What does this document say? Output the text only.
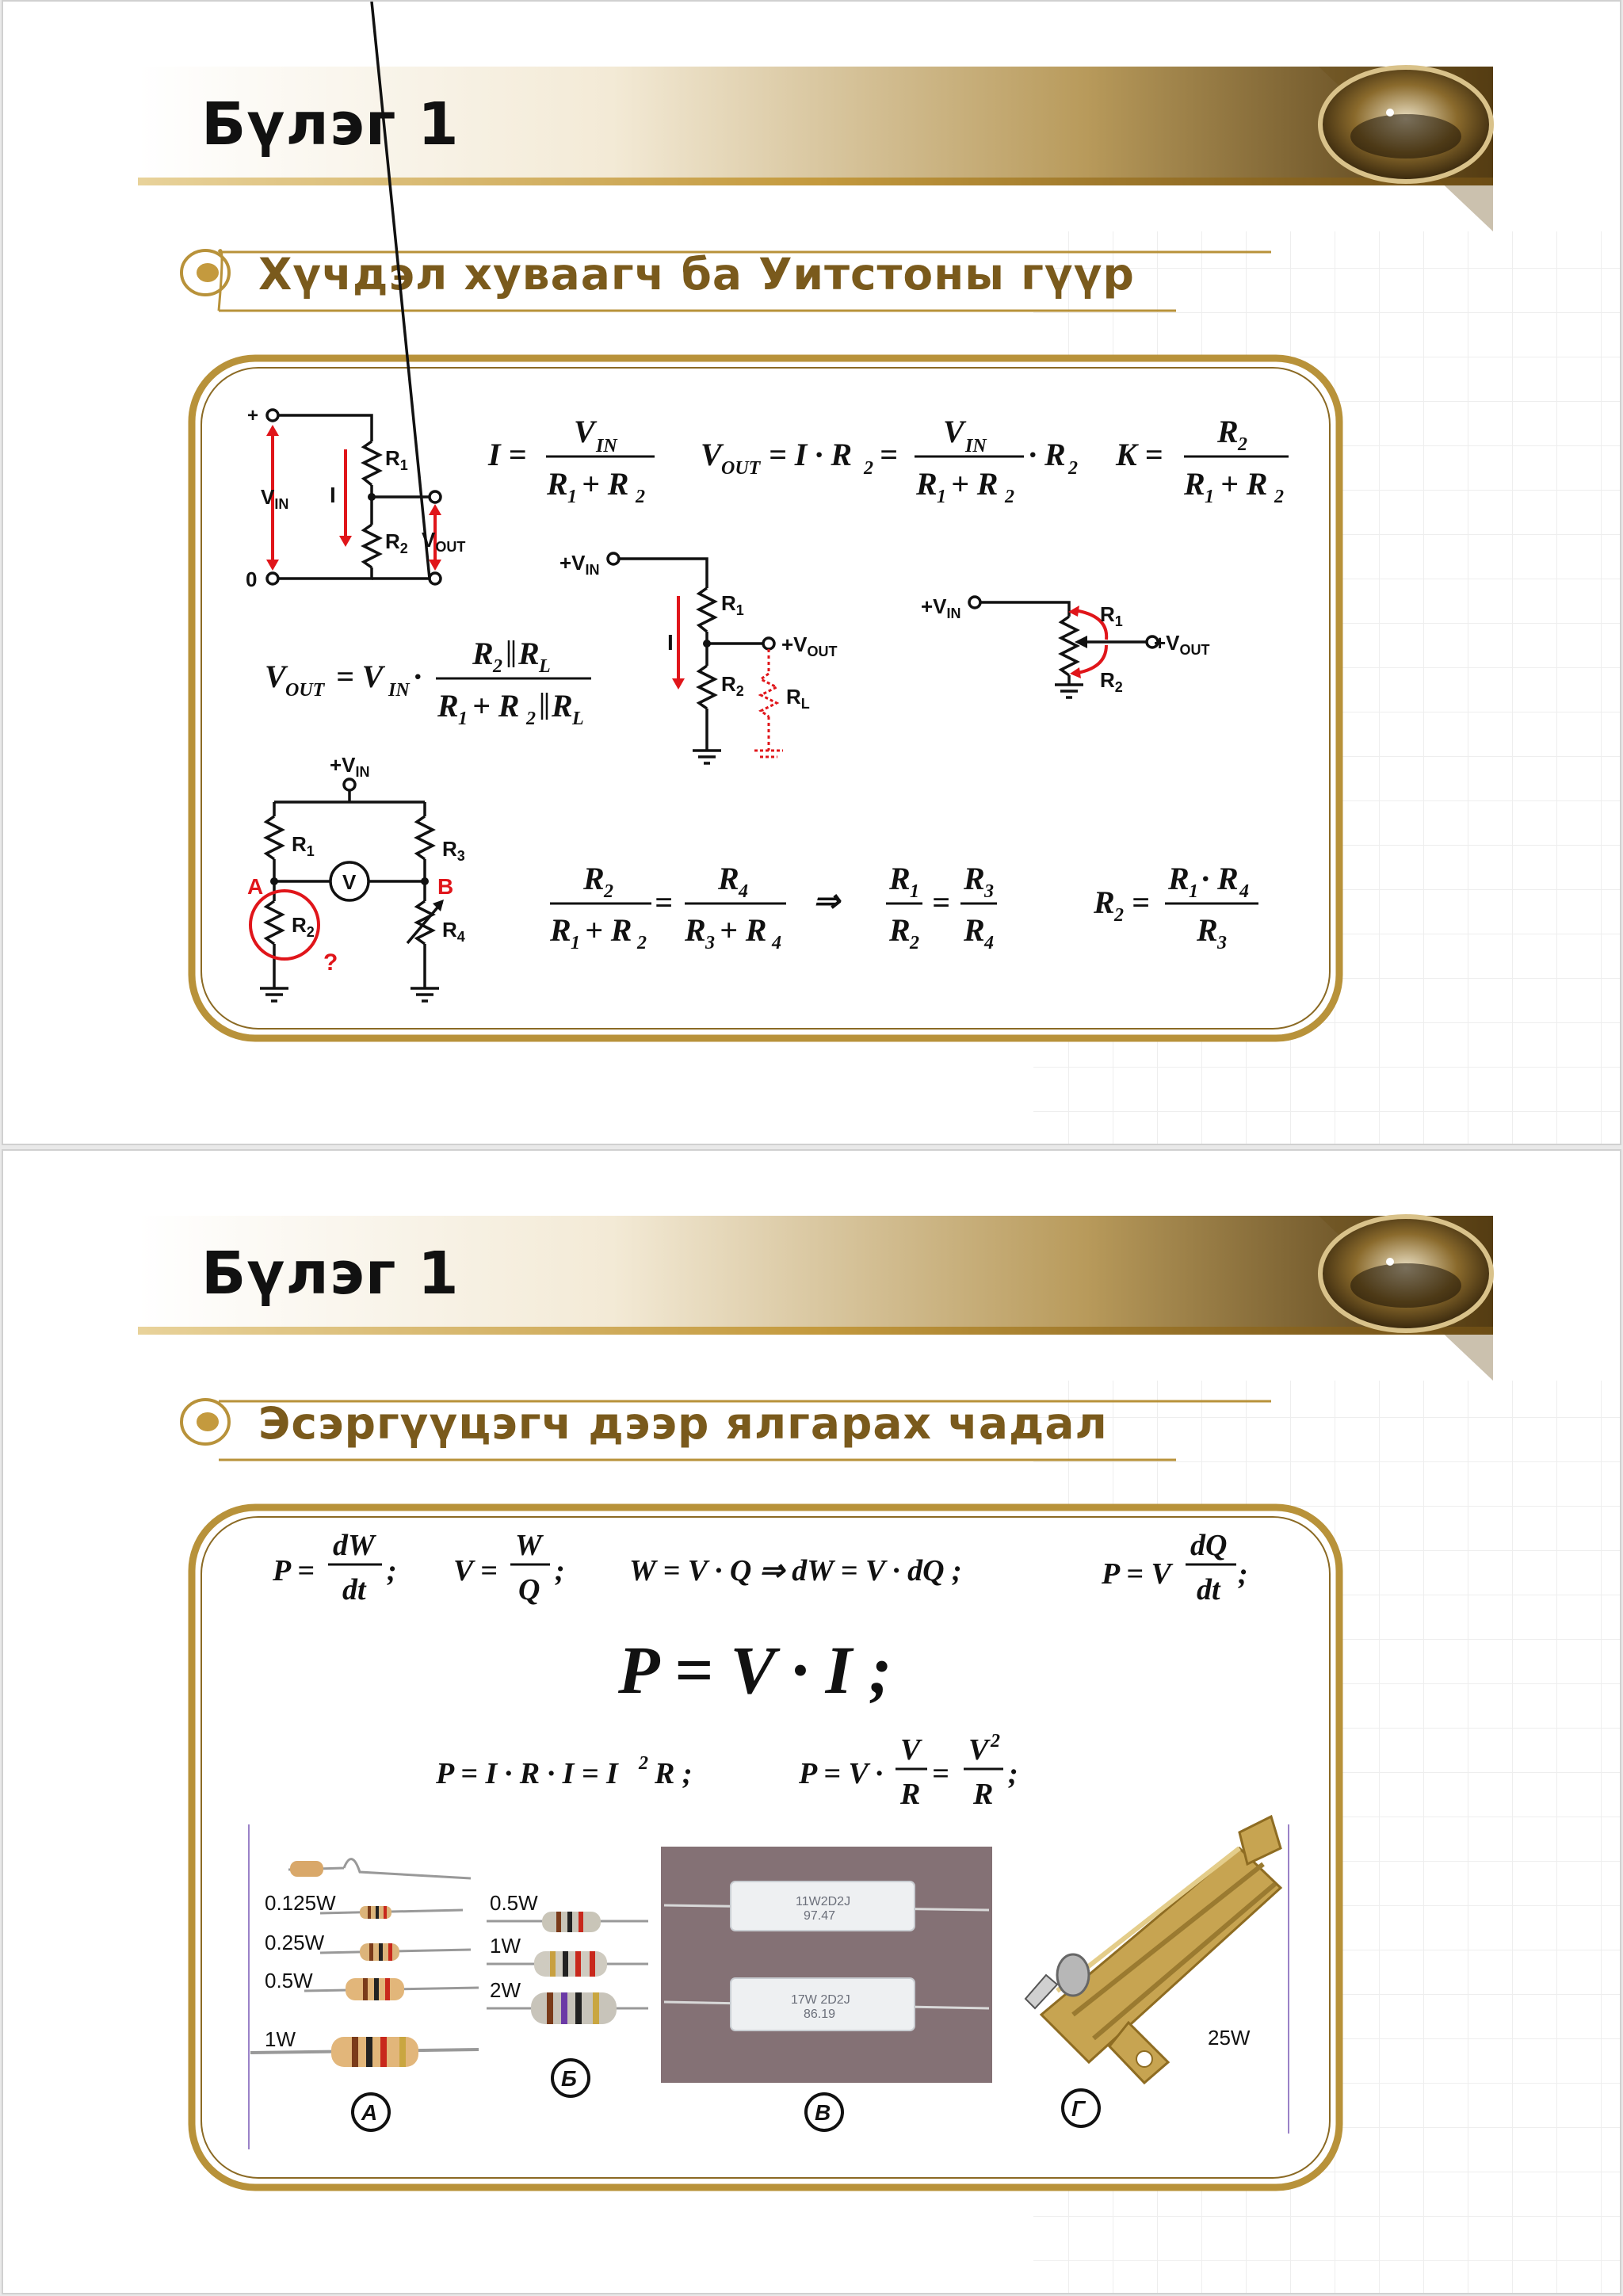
Бүлэг 1
Хүчдэл хуваагч ба Уитстоны гүүр
+
0
$V_{IN}$ I
$R_1$
$R_2$ $V_{OUT}$
I =
V IN
R 1 + R 2
V OUT = I · R 2 =
V IN
R 1 + R 2
· R 2 K =
R 2
R 1 + R 2
$+V_{IN}$
$R_1$
$R_2$
I	$+V_{OUT}$
$R_L$
$+V_{IN}$	$R_1$
$R_2$
$+V_{OUT}$
V OUT = V IN ·
R 2 R L
R 1 + R 2 R L
$+V_{IN}$
$R_1$	$R_3$
$R_2$	$R_4$
V
A	B
?
R 2
R 1 + R 2
=
R 4
R 3 + R 4
⇒
R 1
R 2
=
R 3
R 4
R 2 =
R 1 · R 4
R 3
Бүлэг 1
Эсэргүүцэгч дээр ялгарах чадал
P =
dW
dt
; V =
W
Q
; W = V · Q ⇒ dW = V · dQ ;	P = V
dQ
dt ;
P = V · I ;
P = I · R · I = I 2 R ;	P = V ·
V
R
=
V 2
R
;
0.125W
0.25W
0.5W
1W
А
0.5W
1W
2W
Б
11W2D2J
97.47
17W 2D2J
86.19
В
25W
Г
